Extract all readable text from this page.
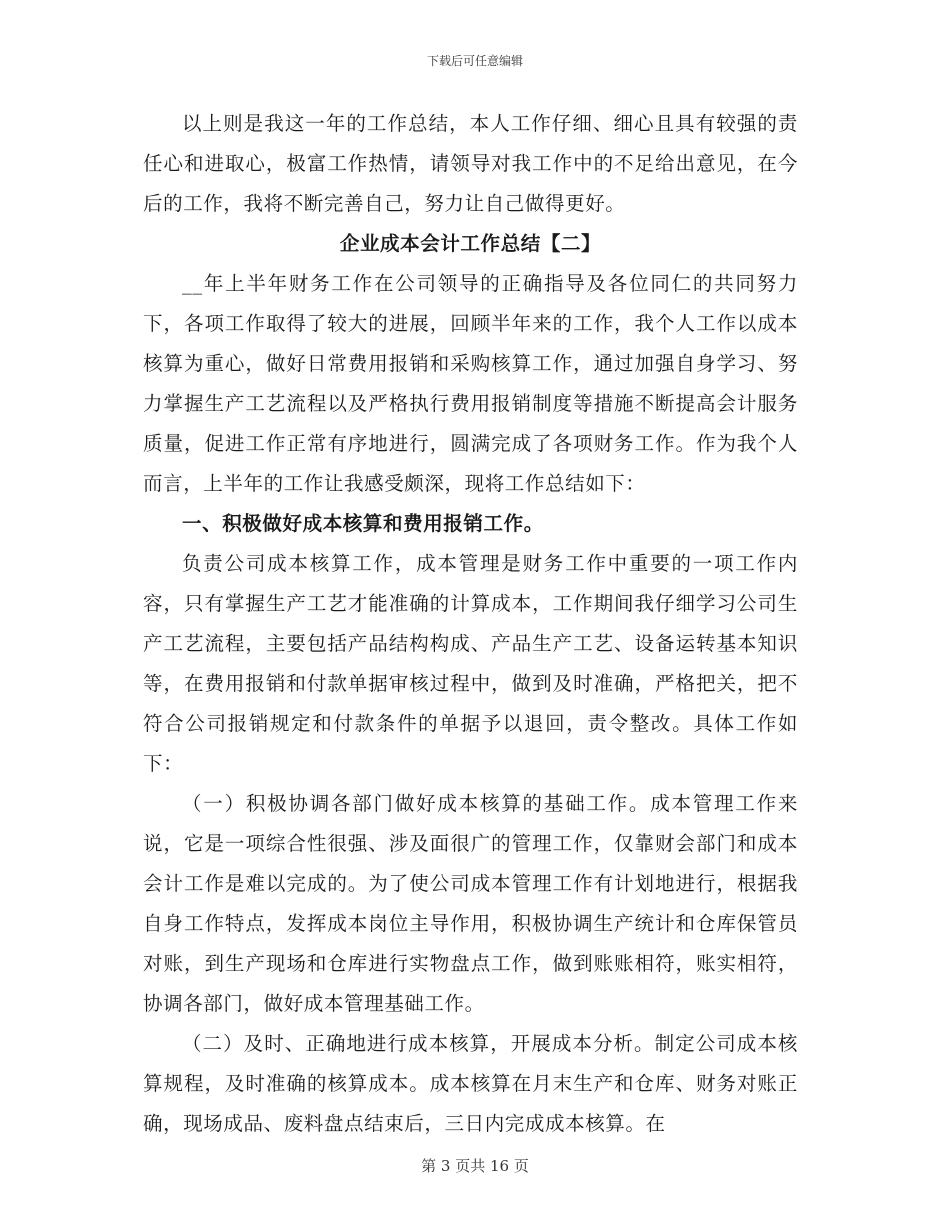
下载后可任意编辑

以上则是我这一年的工作总结，本人工作仔细、细心且具有较强的责任心和进取心，极富工作热情，请领导对我工作中的不足给出意见，在今后的工作，我将不断完善自己，努力让自己做得更好。

企业成本会计工作总结【二】

__年上半年财务工作在公司领导的正确指导及各位同仁的共同努力下，各项工作取得了较大的进展，回顾半年来的工作，我个人工作以成本核算为重心，做好日常费用报销和采购核算工作，通过加强自身学习、努力掌握生产工艺流程以及严格执行费用报销制度等措施不断提高会计服务质量，促进工作正常有序地进行，圆满完成了各项财务工作。作为我个人而言，上半年的工作让我感受颇深，现将工作总结如下：

一、积极做好成本核算和费用报销工作。

负责公司成本核算工作，成本管理是财务工作中重要的一项工作内容，只有掌握生产工艺才能准确的计算成本，工作期间我仔细学习公司生产工艺流程，主要包括产品结构构成、产品生产工艺、设备运转基本知识等，在费用报销和付款单据审核过程中，做到及时准确，严格把关，把不符合公司报销规定和付款条件的单据予以退回，责令整改。具体工作如下：

（一）积极协调各部门做好成本核算的基础工作。成本管理工作来说，它是一项综合性很强、涉及面很广的管理工作，仅靠财会部门和成本会计工作是难以完成的。为了使公司成本管理工作有计划地进行，根据我自身工作特点，发挥成本岗位主导作用，积极协调生产统计和仓库保管员对账，到生产现场和仓库进行实物盘点工作，做到账账相符，账实相符，协调各部门，做好成本管理基础工作。

（二）及时、正确地进行成本核算，开展成本分析。制定公司成本核算规程，及时准确的核算成本。成本核算在月末生产和仓库、财务对账正确，现场成品、废料盘点结束后，三日内完成成本核算。在

第 3 页共 16 页
